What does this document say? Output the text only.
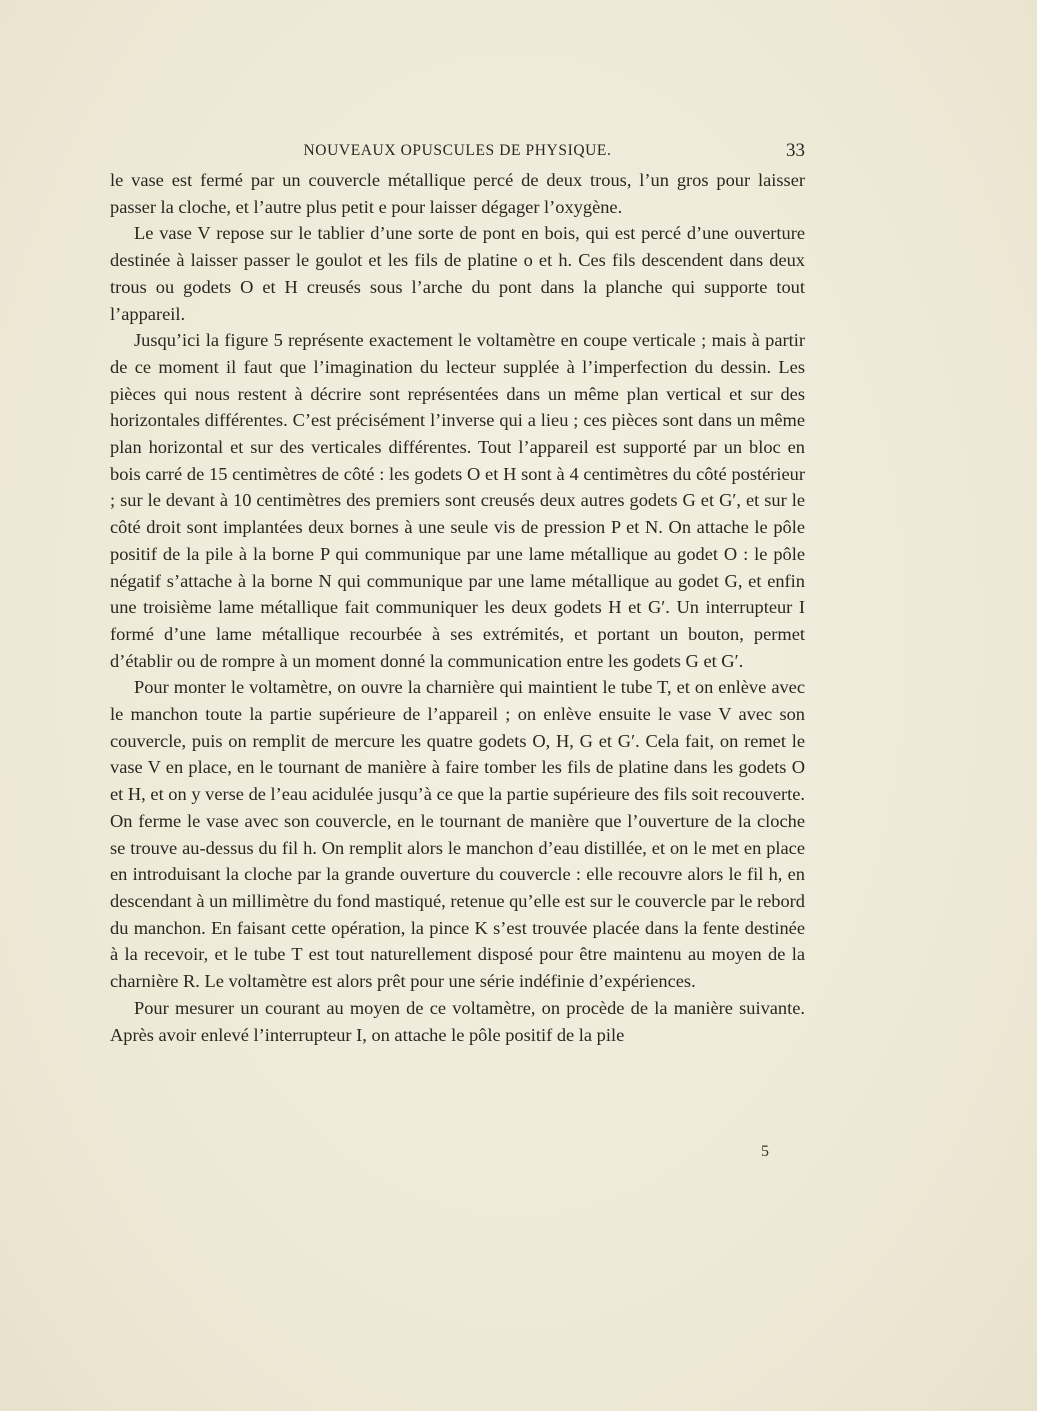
NOUVEAUX OPUSCULES DE PHYSIQUE.	33

le vase est fermé par un couvercle métallique percé de deux trous, l’un gros pour laisser passer la cloche, et l’autre plus petit e pour laisser dégager l’oxygène.

Le vase V repose sur le tablier d’une sorte de pont en bois, qui est percé d’une ouverture destinée à laisser passer le goulot et les fils de platine o et h. Ces fils descendent dans deux trous ou godets O et H creusés sous l’arche du pont dans la planche qui supporte tout l’appareil.

Jusqu’ici la figure 5 représente exactement le voltamètre en coupe verticale ; mais à partir de ce moment il faut que l’imagination du lecteur supplée à l’imperfection du dessin. Les pièces qui nous restent à décrire sont représentées dans un même plan vertical et sur des horizontales différentes. C’est précisément l’inverse qui a lieu ; ces pièces sont dans un même plan horizontal et sur des verticales différentes. Tout l’appareil est supporté par un bloc en bois carré de 15 centimètres de côté : les godets O et H sont à 4 centimètres du côté postérieur ; sur le devant à 10 centimètres des premiers sont creusés deux autres godets G et G′, et sur le côté droit sont implantées deux bornes à une seule vis de pression P et N. On attache le pôle positif de la pile à la borne P qui communique par une lame métallique au godet O : le pôle négatif s’attache à la borne N qui communique par une lame métallique au godet G, et enfin une troisième lame métallique fait communiquer les deux godets H et G′. Un interrupteur I formé d’une lame métallique recourbée à ses extrémités, et portant un bouton, permet d’établir ou de rompre à un moment donné la communication entre les godets G et G′.

Pour monter le voltamètre, on ouvre la charnière qui maintient le tube T, et on enlève avec le manchon toute la partie supérieure de l’appareil ; on enlève ensuite le vase V avec son couvercle, puis on remplit de mercure les quatre godets O, H, G et G′. Cela fait, on remet le vase V en place, en le tournant de manière à faire tomber les fils de platine dans les godets O et H, et on y verse de l’eau acidulée jusqu’à ce que la partie supérieure des fils soit recouverte. On ferme le vase avec son couvercle, en le tournant de manière que l’ouverture de la cloche se trouve au-dessus du fil h. On remplit alors le manchon d’eau distillée, et on le met en place en introduisant la cloche par la grande ouverture du couvercle : elle recouvre alors le fil h, en descendant à un millimètre du fond mastiqué, retenue qu’elle est sur le couvercle par le rebord du manchon. En faisant cette opération, la pince K s’est trouvée placée dans la fente destinée à la recevoir, et le tube T est tout naturellement disposé pour être maintenu au moyen de la charnière R. Le voltamètre est alors prêt pour une série indéfinie d’expériences.

Pour mesurer un courant au moyen de ce voltamètre, on procède de la manière suivante. Après avoir enlevé l’interrupteur I, on attache le pôle positif de la pile

5
